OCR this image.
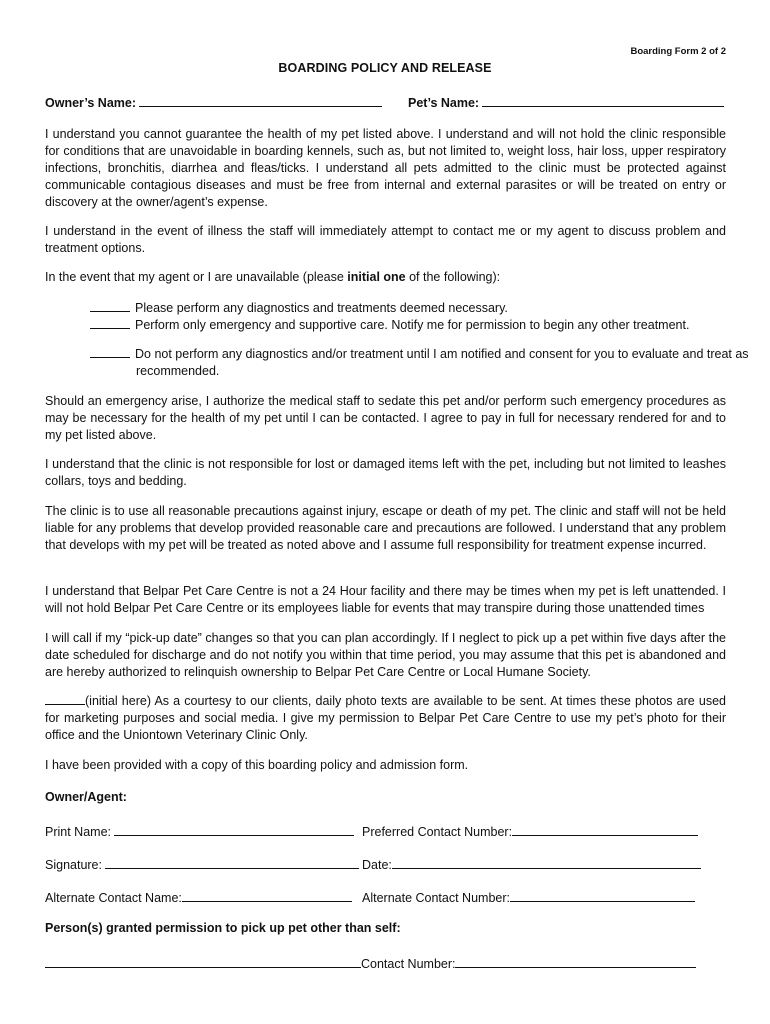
Boarding Form 2 of 2
BOARDING POLICY AND RELEASE
Owner’s Name:	Pet’s Name:

I understand you cannot guarantee the health of my pet listed above. I understand and will not hold the clinic responsible for conditions that are unavoidable in boarding kennels, such as, but not limited to, weight loss, hair loss, upper respiratory infections, bronchitis, diarrhea and fleas/ticks. I understand all pets admitted to the clinic must be protected against communicable contagious diseases and must be free from internal and external parasites or will be treated on entry or discovery at the owner/agent’s expense.

I understand in the event of illness the staff will immediately attempt to contact me or my agent to discuss problem and treatment options.

In the event that my agent or I are unavailable (please initial one of the following):

Please perform any diagnostics and treatments deemed necessary.
Perform only emergency and supportive care. Notify me for permission to begin any other treatment.
Do not perform any diagnostics and/or treatment until I am notified and consent for you to evaluate and treat as recommended.

Should an emergency arise, I authorize the medical staff to sedate this pet and/or perform such emergency procedures as may be necessary for the health of my pet until I can be contacted. I agree to pay in full for necessary rendered for and to my pet listed above.

I understand that the clinic is not responsible for lost or damaged items left with the pet, including but not limited to leashes collars, toys and bedding.

The clinic is to use all reasonable precautions against injury, escape or death of my pet. The clinic and staff will not be held liable for any problems that develop provided reasonable care and precautions are followed. I understand that any problem that develops with my pet will be treated as noted above and I assume full responsibility for treatment expense incurred.

I understand that Belpar Pet Care Centre is not a 24 Hour facility and there may be times when my pet is left unattended. I will not hold Belpar Pet Care Centre or its employees liable for events that may transpire during those unattended times

I will call if my “pick-up date” changes so that you can plan accordingly. If I neglect to pick up a pet within five days after the date scheduled for discharge and do not notify you within that time period, you may assume that this pet is abandoned and are hereby authorized to relinquish ownership to Belpar Pet Care Centre or Local Humane Society.

(initial here) As a courtesy to our clients, daily photo texts are available to be sent. At times these photos are used for marketing purposes and social media. I give my permission to Belpar Pet Care Centre to use my pet’s photo for their office and the Uniontown Veterinary Clinic Only.

I have been provided with a copy of this boarding policy and admission form.

Owner/Agent:
Print Name:	Preferred Contact Number:
Signature:	Date:
Alternate Contact Name:	Alternate Contact Number:
Person(s) granted permission to pick up pet other than self:
Contact Number:
